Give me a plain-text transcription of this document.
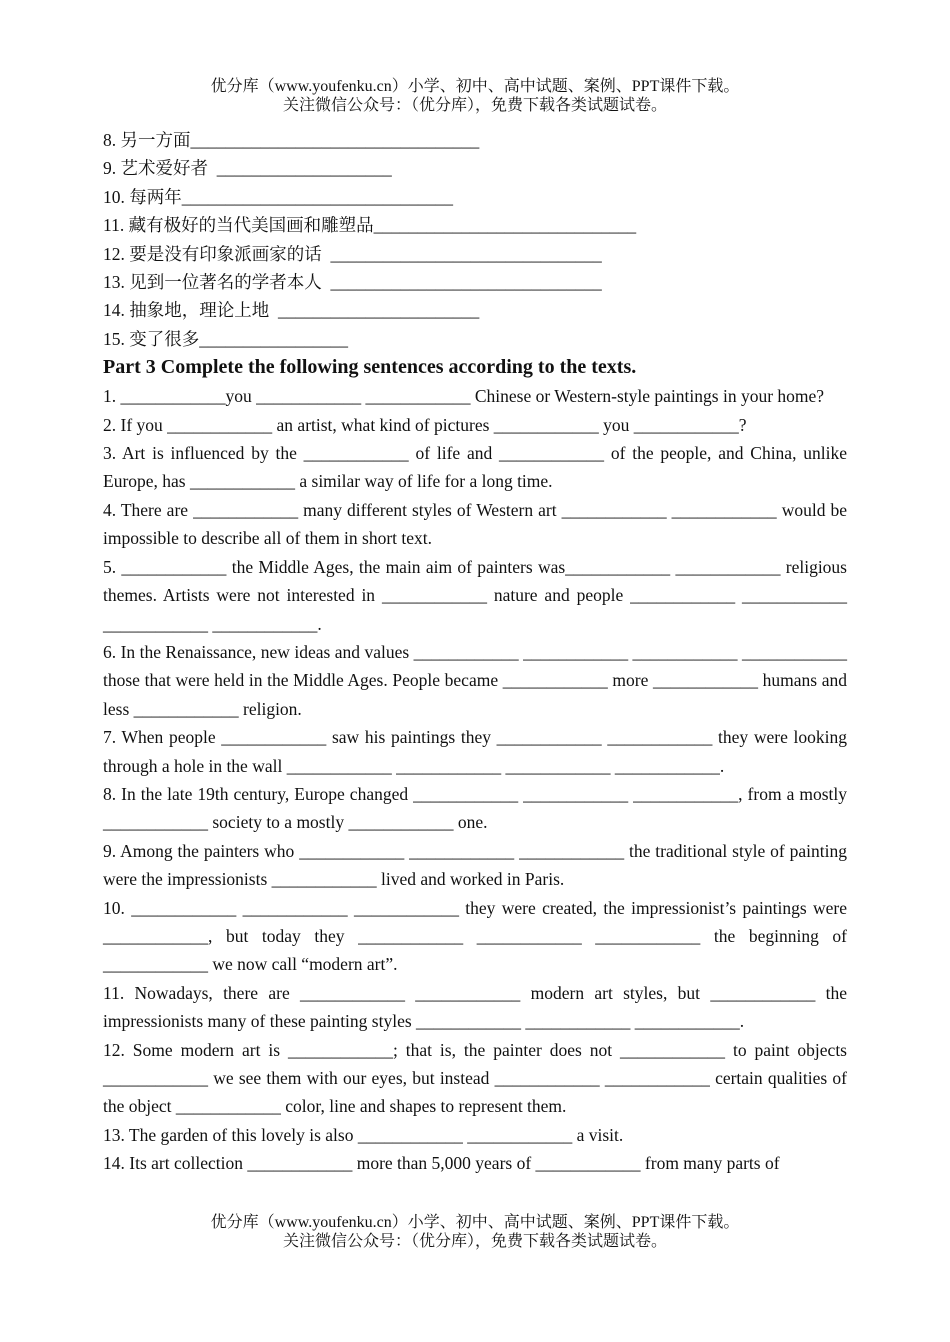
优分库（www.youfenku.cn）小学、初中、高中试题、案例、PPT课件下载。
关注微信公众号：（优分库），免费下载各类试题试卷。
8. 另一方面_________________________________
9. 艺术爱好者  ____________________
10. 每两年_______________________________
11. 藏有极好的当代美国画和雕塑品______________________________
12. 要是没有印象派画家的话  _______________________________
13. 见到一位著名的学者本人  _______________________________
14. 抽象地，理论上地  _______________________
15. 变了很多_________________
Part 3 Complete the following sentences according to the texts.
1. ____________you ____________ ____________ Chinese or Western-style paintings in your home?
2. If you ____________ an artist, what kind of pictures ____________ you ____________?
3. Art is influenced by the ____________ of life and ____________ of the people, and China, unlike Europe, has ____________ a similar way of life for a long time.
4. There are ____________ many different styles of Western art ____________ ____________ would be impossible to describe all of them in short text.
5. ____________ the Middle Ages, the main aim of painters was____________ ____________ religious themes. Artists were not interested in ____________ nature and people ____________ ____________ ____________ ____________.
6. In the Renaissance, new ideas and values ____________ ____________ ____________ ____________ those that were held in the Middle Ages. People became ____________ more ____________ humans and less ____________ religion.
7. When people ____________ saw his paintings they ____________ ____________ they were looking through a hole in the wall ____________ ____________ ____________ ____________.
8. In the late 19th century, Europe changed ____________ ____________ ____________, from a mostly ____________ society to a mostly ____________ one.
9. Among the painters who ____________ ____________ ____________ the traditional style of painting were the impressionists ____________ lived and worked in Paris.
10. ____________ ____________ ____________ they were created, the impressionist’s paintings were ____________, but today they ____________ ____________ ____________ the beginning of ____________ we now call “modern art”.
11. Nowadays, there are ____________ ____________ modern art styles, but ____________ the impressionists many of these painting styles ____________ ____________ ____________.
12. Some modern art is ____________; that is, the painter does not ____________ to paint objects ____________ we see them with our eyes, but instead ____________ ____________ certain qualities of the object ____________ color, line and shapes to represent them.
13. The garden of this lovely is also ____________ ____________ a visit.
14. Its art collection ____________ more than 5,000 years of ____________ from many parts of
优分库（www.youfenku.cn）小学、初中、高中试题、案例、PPT课件下载。
关注微信公众号：（优分库），免费下载各类试题试卷。
